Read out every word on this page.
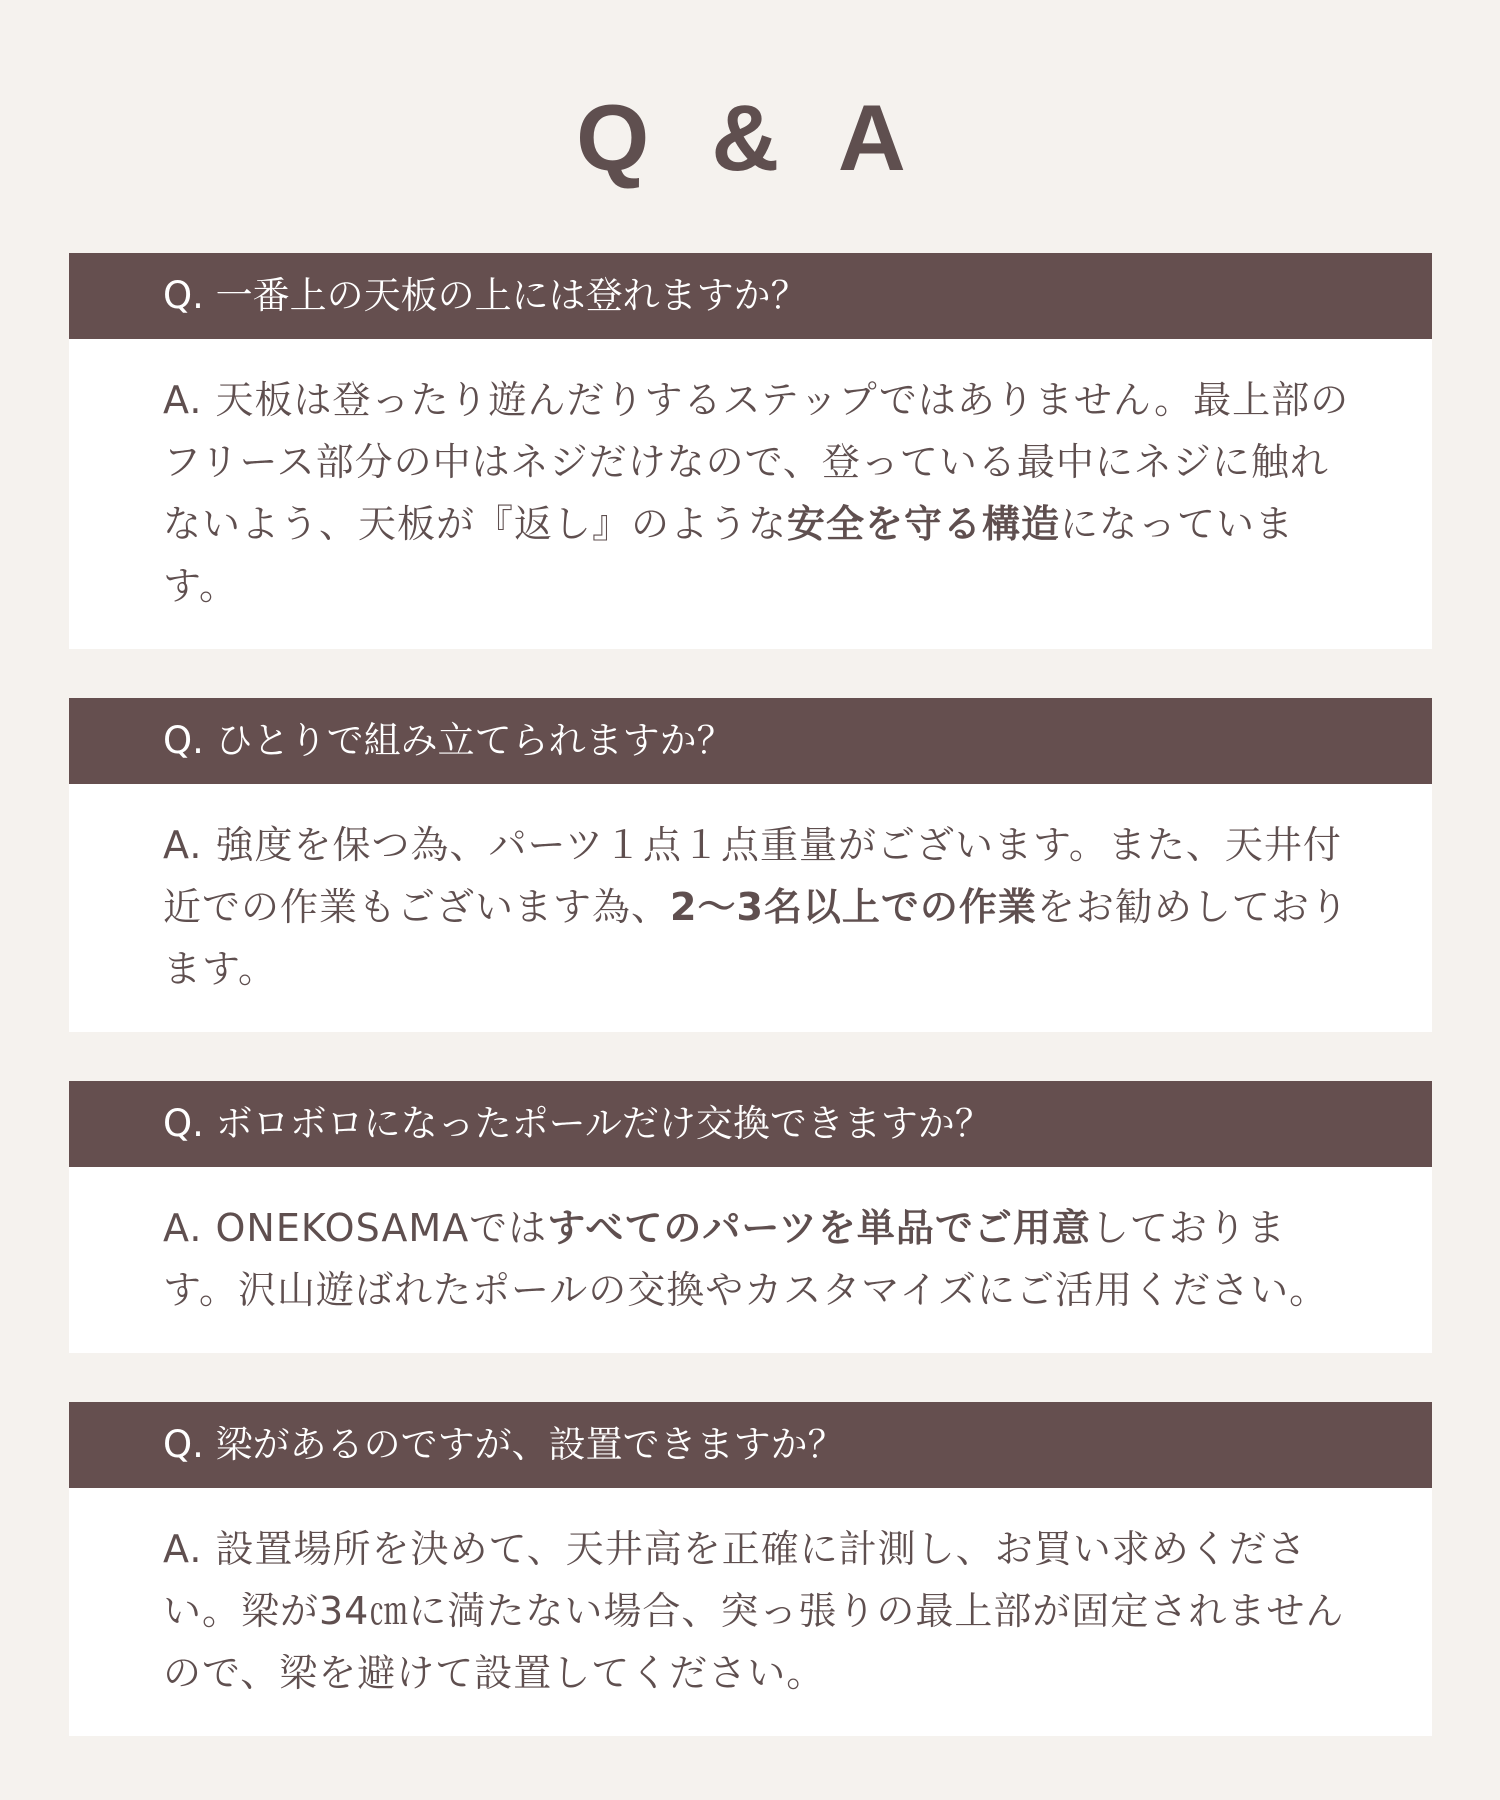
Q & A
Q. 一番上の天板の上には登れますか？
A. 天板は登ったり遊んだりするステップではありません。最上部のフリース部分の中はネジだけなので、登っている最中にネジに触れないよう、天板が『返し』のような安全を守る構造になっています。
Q. ひとりで組み立てられますか？
A. 強度を保つ為、パーツ１点１点重量がございます。また、天井付近での作業もございます為、2〜3名以上での作業をお勧めしております。
Q. ボロボロになったポールだけ交換できますか？
A. ONEKOSAMAではすべてのパーツを単品でご用意しております。沢山遊ばれたポールの交換やカスタマイズにご活用ください。
Q. 梁があるのですが、設置できますか？
A. 設置場所を決めて、天井高を正確に計測し、お買い求めください。梁が34㎝に満たない場合、突っ張りの最上部が固定されませんので、梁を避けて設置してください。
